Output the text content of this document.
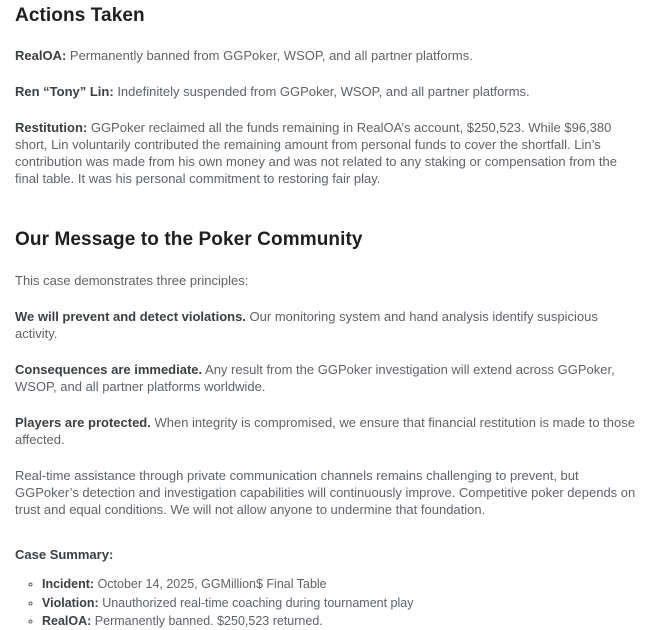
Actions Taken

RealOA: Permanently banned from GGPoker, WSOP, and all partner platforms.

Ren “Tony” Lin: Indefinitely suspended from GGPoker, WSOP, and all partner platforms.

Restitution: GGPoker reclaimed all the funds remaining in RealOA’s account, $250,523. While $96,380 short, Lin voluntarily contributed the remaining amount from personal funds to cover the shortfall. Lin’s contribution was made from his own money and was not related to any staking or compensation from the final table. It was his personal commitment to restoring fair play.

Our Message to the Poker Community

This case demonstrates three principles:

We will prevent and detect violations. Our monitoring system and hand analysis identify suspicious activity.

Consequences are immediate. Any result from the GGPoker investigation will extend across GGPoker, WSOP, and all partner platforms worldwide.

Players are protected. When integrity is compromised, we ensure that financial restitution is made to those affected.

Real-time assistance through private communication channels remains challenging to prevent, but GGPoker’s detection and investigation capabilities will continuously improve. Competitive poker depends on trust and equal conditions. We will not allow anyone to undermine that foundation.

Case Summary:
◦ Incident: October 14, 2025, GGMillion$ Final Table
◦ Violation: Unauthorized real-time coaching during tournament play
◦ RealOA: Permanently banned. $250,523 returned.
